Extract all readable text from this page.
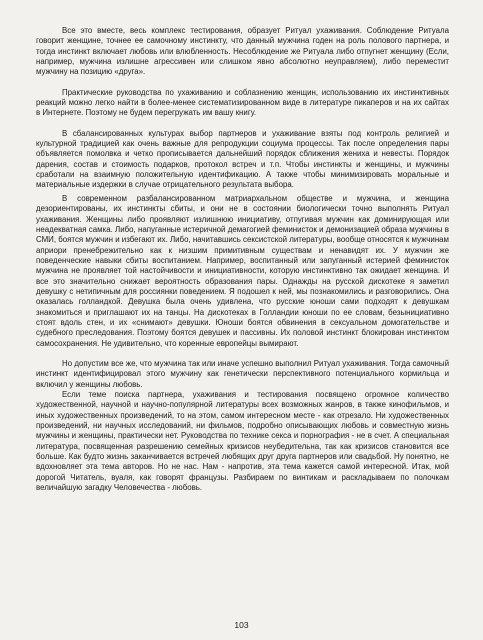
Все это вместе, весь комплекс тестирования, образует Ритуал ухаживания. Соблюдение Ритуала говорит женщине, точнее ее самочному инстинкту, что данный мужчина годен на роль полового партнера, и тогда инстинкт включает любовь или влюбленность. Несоблюдение же Ритуала либо отпугнет женщину (Если, например, мужчина излишне агрессивен или слишком явно абсолютно неуправляем), либо переместит мужчину на позицию «друга».

Практические руководства по ухаживанию и соблазнению женщин, использованию их инстинктивных реакций можно легко найти в более-менее систематизированном виде в литературе пикаперов и на их сайтах в Интернете. Поэтому не будем перегружать им вашу книгу.

В сбалансированных культурах выбор партнеров и ухаживание взяты под контроль религией и культурной традицией как очень важные для репродукции социума процессы. Так после определения пары объявляется помолвка и четко прописывается дальнейший порядок сближения жениха и невесты. Порядок дарения, состав и стоимость подарков, протокол встреч и т.п. Чтобы инстинкты и женщины, и мужчины сработали на взаимную положительную идентификацию. А также чтобы минимизировать моральные и материальные издержки в случае отрицательного результата выбора.

В современном разбалансированном матриархальном обществе и мужчина, и женщина дезориентированы, их инстинкты сбиты, и они не в состоянии биологически точно выполнять Ритуал ухаживания. Женщины либо проявляют излишнюю инициативу, отпугивая мужчин как доминирующая или неадекватная самка. Либо, напуганные истеричной демагогией феминисток и демонизацией образа мужчины в СМИ, боятся мужчин и избегают их. Либо, начитавшись сексистской литературы, вообще относятся к мужчинам априори пренебрежительно как к низшим примитивным существам и ненавидят их. У мужчин же поведенческие навыки сбиты воспитанием. Например, воспитанный или запуганный истерией феминисток мужчина не проявляет той настойчивости и инициативности, которую инстинктивно так ожидает женщина. И все это значительно снижает вероятность образования пары. Однажды на русской дискотеке я заметил девушку с нетипичным для россиянки поведением. Я подошел к ней, мы познакомились и разговорились. Она оказалась голландкой. Девушка была очень удивлена, что русские юноши сами подходят к девушкам знакомиться и приглашают их на танцы. На дискотеках в Голландии юноши по ее словам, безынициативно стоят вдоль стен, и их «снимают» девушки. Юноши боятся обвинения в сексуальном домогательстве и судебного преследования. Поэтому боятся девушек и пассивны. Их половой инстинкт блокирован инстинктом самосохранения. Не удивительно, что коренные европейцы вымирают.

Но допустим все же, что мужчина так или иначе успешно выполнил Ритуал ухаживания. Тогда самочный инстинкт идентифицировал этого мужчину как генетически перспективного потенциального кормильца и включил у женщины любовь.

Если теме поиска партнера, ухаживания и тестирования посвящено огромное количество художественной, научной и научно-популярной литературы всех возможных жанров, в также кинофильмов, и иных художественных произведений, то на этом, самом интересном месте - как отрезало. Ни художественных произведений, ни научных исследований, ни фильмов, подробно описывающих любовь и совместную жизнь мужчины и женщины, практически нет. Руководства по технике секса и порнография - не в счет. А специальная литература, посвященная разрешению семейных кризисов неубедительна, так как кризисов становится все больше. Как будто жизнь заканчивается встречей любящих друг друга партнеров или свадьбой. Ну понятно, не вдохновляет эта тема авторов. Но не нас. Нам - напротив, эта тема кажется самой интересной. Итак, мой дорогой Читатель, вуаля, как говорят французы. Разбираем по винтикам и раскладываем по полочкам величайшую загадку Человечества - любовь.

103
